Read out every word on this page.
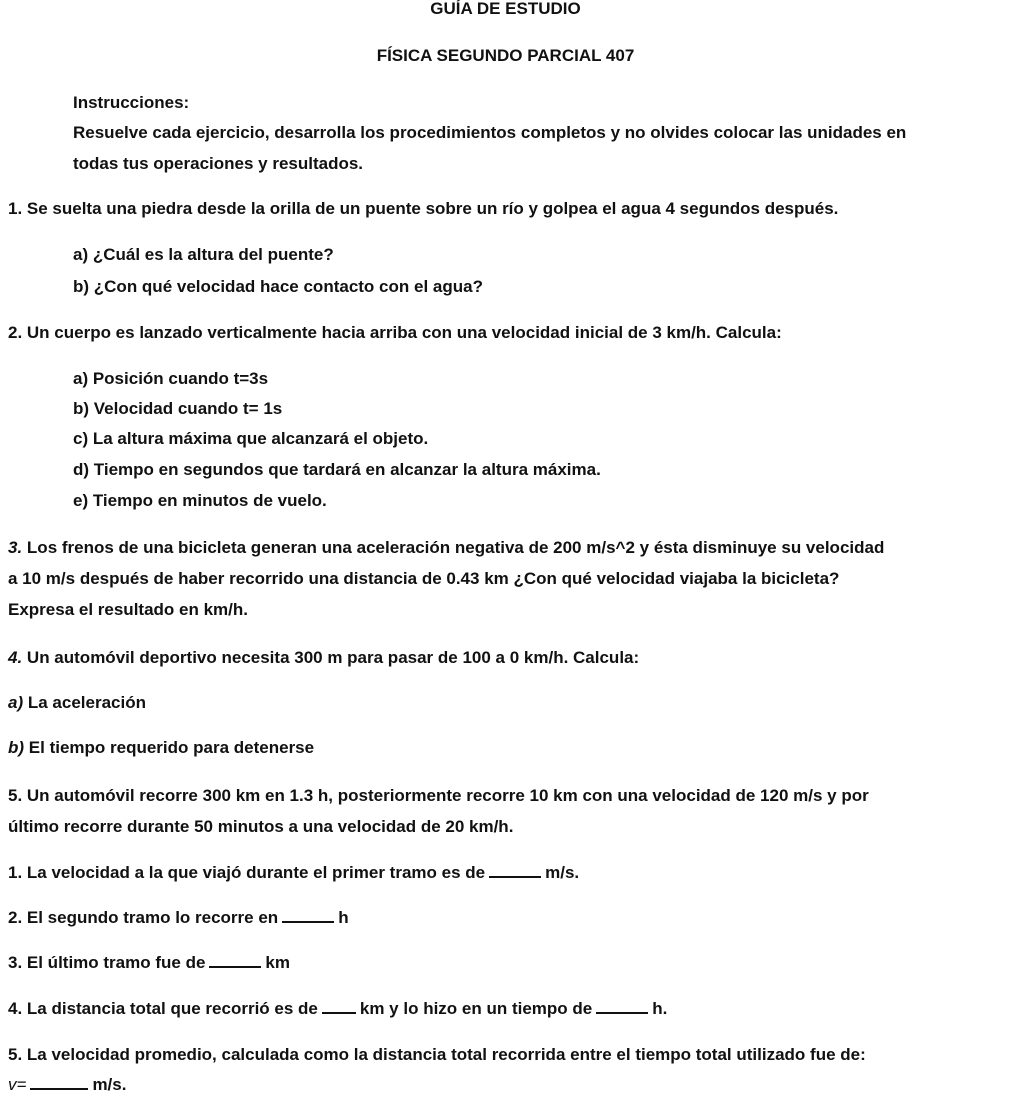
GUÍA DE ESTUDIO
FÍSICA SEGUNDO PARCIAL 407
Instrucciones:
Resuelve cada ejercicio, desarrolla los procedimientos completos y no olvides colocar las unidades en
todas tus operaciones y resultados.
1. Se suelta una piedra desde la orilla de un puente sobre un río y golpea el agua 4 segundos después.
a) ¿Cuál es la altura del puente?
b) ¿Con qué velocidad hace contacto con el agua?
2. Un cuerpo es lanzado verticalmente hacia arriba con una velocidad inicial de 3 km/h. Calcula:
a) Posición cuando t=3s
b) Velocidad cuando t= 1s
c) La altura máxima que alcanzará el objeto.
d) Tiempo en segundos que tardará en alcanzar la altura máxima.
e) Tiempo en minutos de vuelo.
3. Los frenos de una bicicleta generan una aceleración negativa de 200 m/s^2 y ésta disminuye su velocidad
a 10 m/s después de haber recorrido una distancia de 0.43 km ¿Con qué velocidad viajaba la bicicleta?
Expresa el resultado en km/h.
4. Un automóvil deportivo necesita 300 m para pasar de 100 a 0 km/h. Calcula:
a) La aceleración
b) El tiempo requerido para detenerse
5. Un automóvil recorre 300 km en 1.3 h, posteriormente recorre 10 km con una velocidad de 120 m/s y por
último recorre durante 50 minutos a una velocidad de 20 km/h.
1. La velocidad a la que viajó durante el primer tramo es de	m/s.
2. El segundo tramo lo recorre en	h
3. El último tramo fue de	km
4. La distancia total que recorrió es de km y lo hizo en un tiempo de	h.
5. La velocidad promedio, calculada como la distancia total recorrida entre el tiempo total utilizado fue de:
v=	m/s.
